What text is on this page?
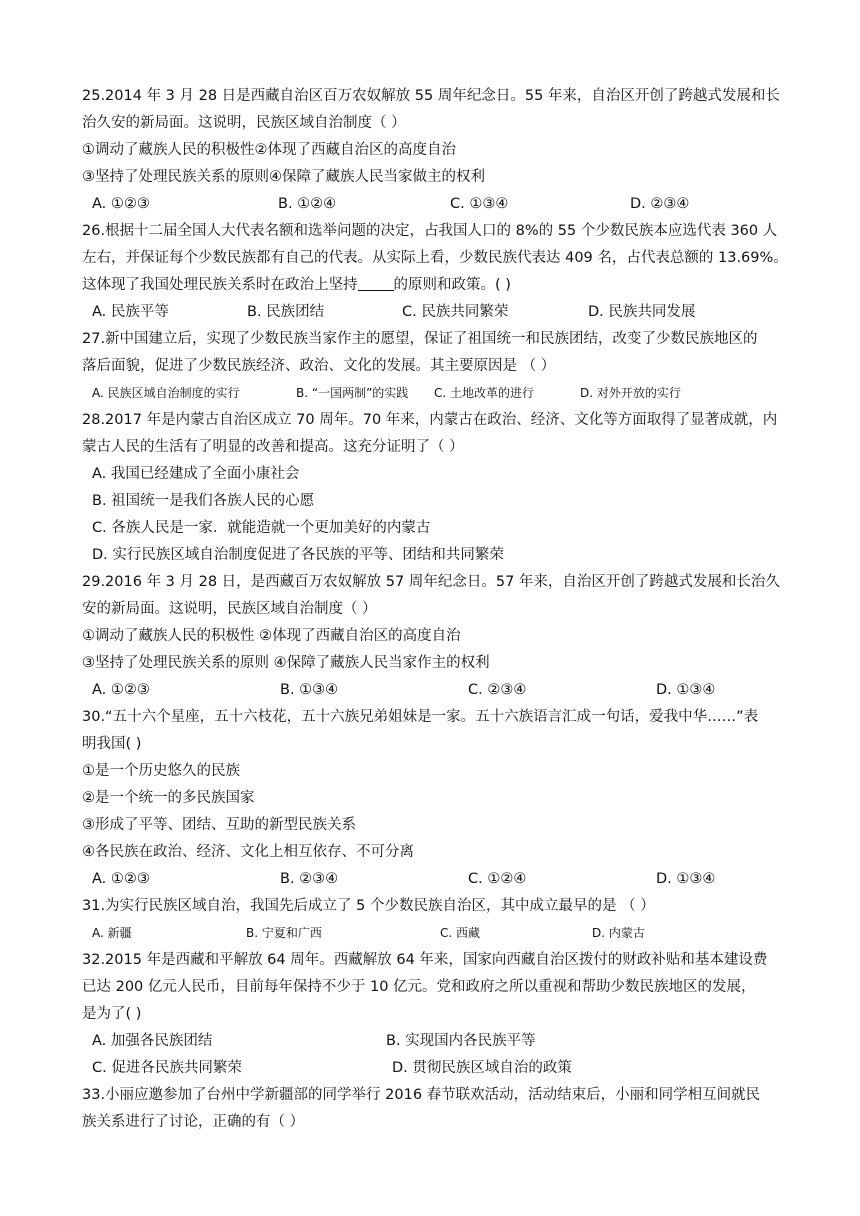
25.2014 年 3 月 28 日是西藏自治区百万农奴解放 55 周年纪念日。55 年来，自治区开创了跨越式发展和长
治久安的新局面。这说明，民族区域自治制度（ ）
①调动了藏族人民的积极性②体现了西藏自治区的高度自治
③坚持了处理民族关系的原则④保障了藏族人民当家做主的权利
A. ①②③	B. ①②④	C. ①③④	D. ②③④
26.根据十二届全国人大代表名额和选举问题的决定，占我国人口的 8%的 55 个少数民族本应选代表 360 人
左右，并保证每个少数民族都有自己的代表。从实际上看，少数民族代表达 409 名，占代表总额的 13.69%。
这体现了我国处理民族关系时在政治上坚持 的原则和政策。( )
A. 民族平等	B. 民族团结	C. 民族共同繁荣	D. 民族共同发展
27.新中国建立后，实现了少数民族当家作主的愿望，保证了祖国统一和民族团结，改变了少数民族地区的
落后面貌，促进了少数民族经济、政治、文化的发展。其主要原因是 （ ）
A. 民族区域自治制度的实行	B. “一国两制”的实践 C. 土地改革的进行	D. 对外开放的实行
28.2017 年是内蒙古自治区成立 70 周年。70 年来，内蒙古在政治、经济、文化等方面取得了显著成就，内
蒙古人民的生活有了明显的改善和提高。这充分证明了（ ）
A. 我国已经建成了全面小康社会
B. 祖国统一是我们各族人民的心愿
C. 各族人民是一家．就能造就一个更加美好的内蒙古
D. 实行民族区域自治制度促进了各民族的平等、团结和共同繁荣
29.2016 年 3 月 28 日，是西藏百万农奴解放 57 周年纪念日。57 年来，自治区开创了跨越式发展和长治久
安的新局面。这说明，民族区域自治制度（ ）
①调动了藏族人民的积极性 ②体现了西藏自治区的高度自治
③坚持了处理民族关系的原则 ④保障了藏族人民当家作主的权利
A. ①②③	B. ①③④	C. ②③④	D. ①③④
30.“五十六个星座，五十六枝花，五十六族兄弟姐妹是一家。五十六族语言汇成一句话，爱我中华……”表
明我国( )
①是一个历史悠久的民族
②是一个统一的多民族国家
③形成了平等、团结、互助的新型民族关系
④各民族在政治、经济、文化上相互依存、不可分离
A. ①②③	B. ②③④	C. ①②④	D. ①③④
31.为实行民族区域自治，我国先后成立了 5 个少数民族自治区，其中成立最早的是 （ ）
A. 新疆	B. 宁夏和广西	C. 西藏	D. 内蒙古
32.2015 年是西藏和平解放 64 周年。西藏解放 64 年来，国家向西藏自治区拨付的财政补贴和基本建设费
已达 200 亿元人民币，目前每年保持不少于 10 亿元。党和政府之所以重视和帮助少数民族地区的发展，
是为了( )
A. 加强各民族团结	B. 实现国内各民族平等
C. 促进各民族共同繁荣	D. 贯彻民族区域自治的政策
33.小丽应邀参加了台州中学新疆部的同学举行 2016 春节联欢活动，活动结束后，小丽和同学相互间就民
族关系进行了讨论，正确的有（ ）
